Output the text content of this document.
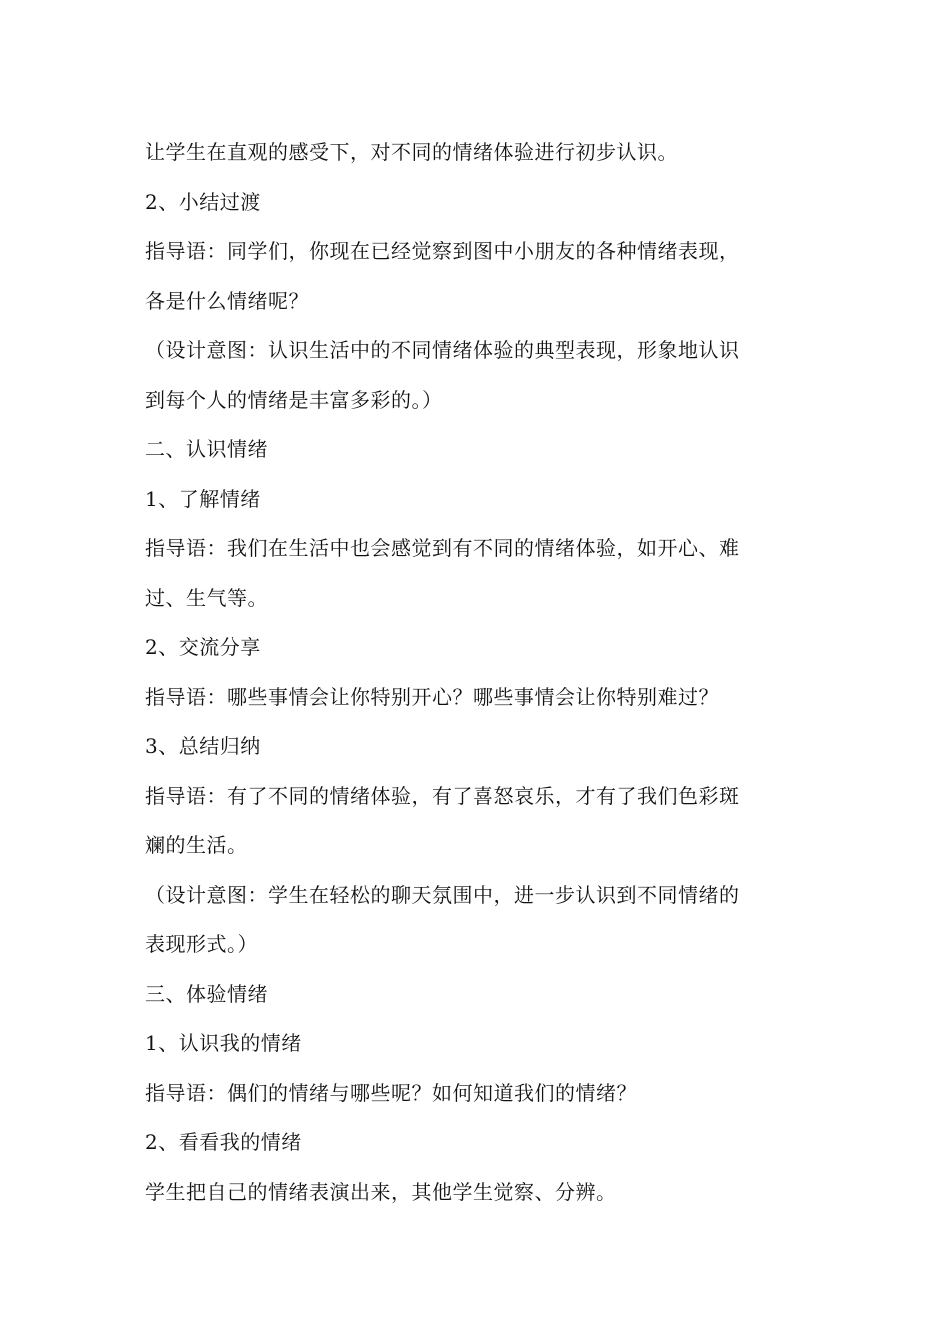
让学生在直观的感受下，对不同的情绪体验进行初步认识。
2、小结过渡
指导语：同学们，你现在已经觉察到图中小朋友的各种情绪表现，
各是什么情绪呢？
（设计意图：认识生活中的不同情绪体验的典型表现，形象地认识
到每个人的情绪是丰富多彩的。）
二、认识情绪
1、了解情绪
指导语：我们在生活中也会感觉到有不同的情绪体验，如开心、难
过、生气等。
2、交流分享
指导语：哪些事情会让你特别开心？哪些事情会让你特别难过？
3、总结归纳
指导语：有了不同的情绪体验，有了喜怒哀乐，才有了我们色彩斑
斓的生活。
（设计意图：学生在轻松的聊天氛围中，进一步认识到不同情绪的
表现形式。）
三、体验情绪
1、认识我的情绪
指导语：偶们的情绪与哪些呢？如何知道我们的情绪？
2、看看我的情绪
学生把自己的情绪表演出来，其他学生觉察、分辨。
